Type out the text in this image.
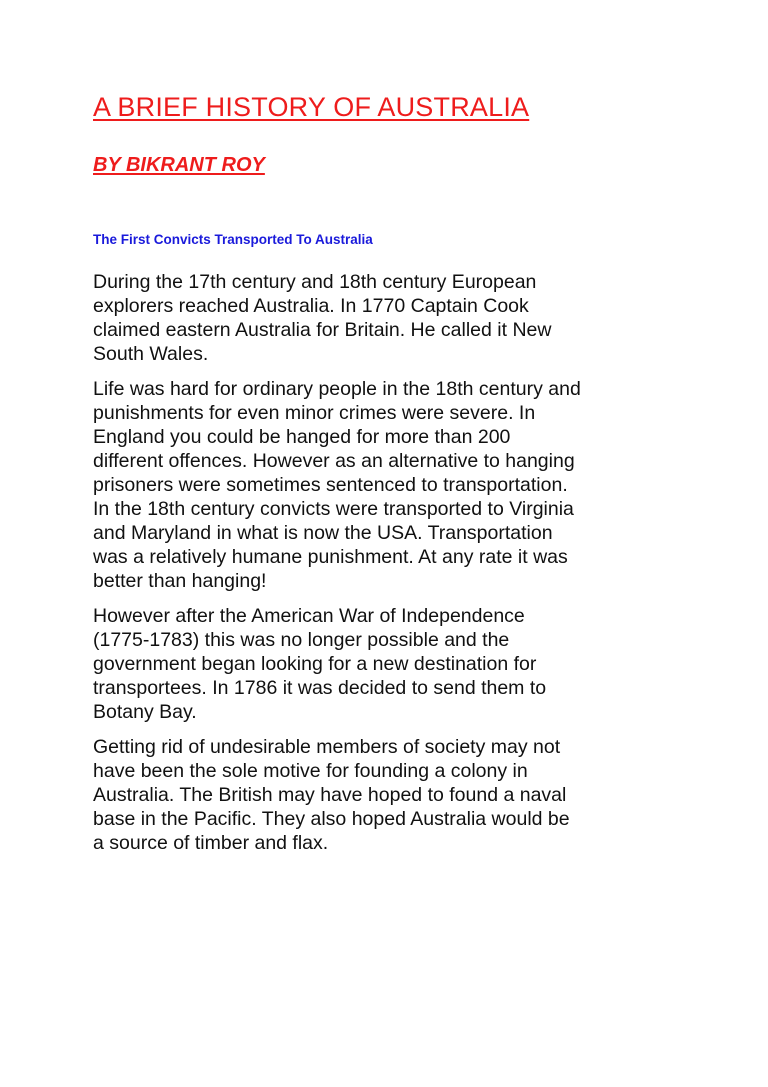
A BRIEF HISTORY OF AUSTRALIA
BY BIKRANT ROY
The First Convicts Transported To Australia

During the 17th century and 18th century European
explorers reached Australia. In 1770 Captain Cook
claimed eastern Australia for Britain. He called it New
South Wales.

Life was hard for ordinary people in the 18th century and
punishments for even minor crimes were severe. In
England you could be hanged for more than 200
different offences. However as an alternative to hanging
prisoners were sometimes sentenced to transportation.
In the 18th century convicts were transported to Virginia
and Maryland in what is now the USA. Transportation
was a relatively humane punishment. At any rate it was
better than hanging!

However after the American War of Independence
(1775-1783) this was no longer possible and the
government began looking for a new destination for
transportees. In 1786 it was decided to send them to
Botany Bay.

Getting rid of undesirable members of society may not
have been the sole motive for founding a colony in
Australia. The British may have hoped to found a naval
base in the Pacific. They also hoped Australia would be
a source of timber and flax.
